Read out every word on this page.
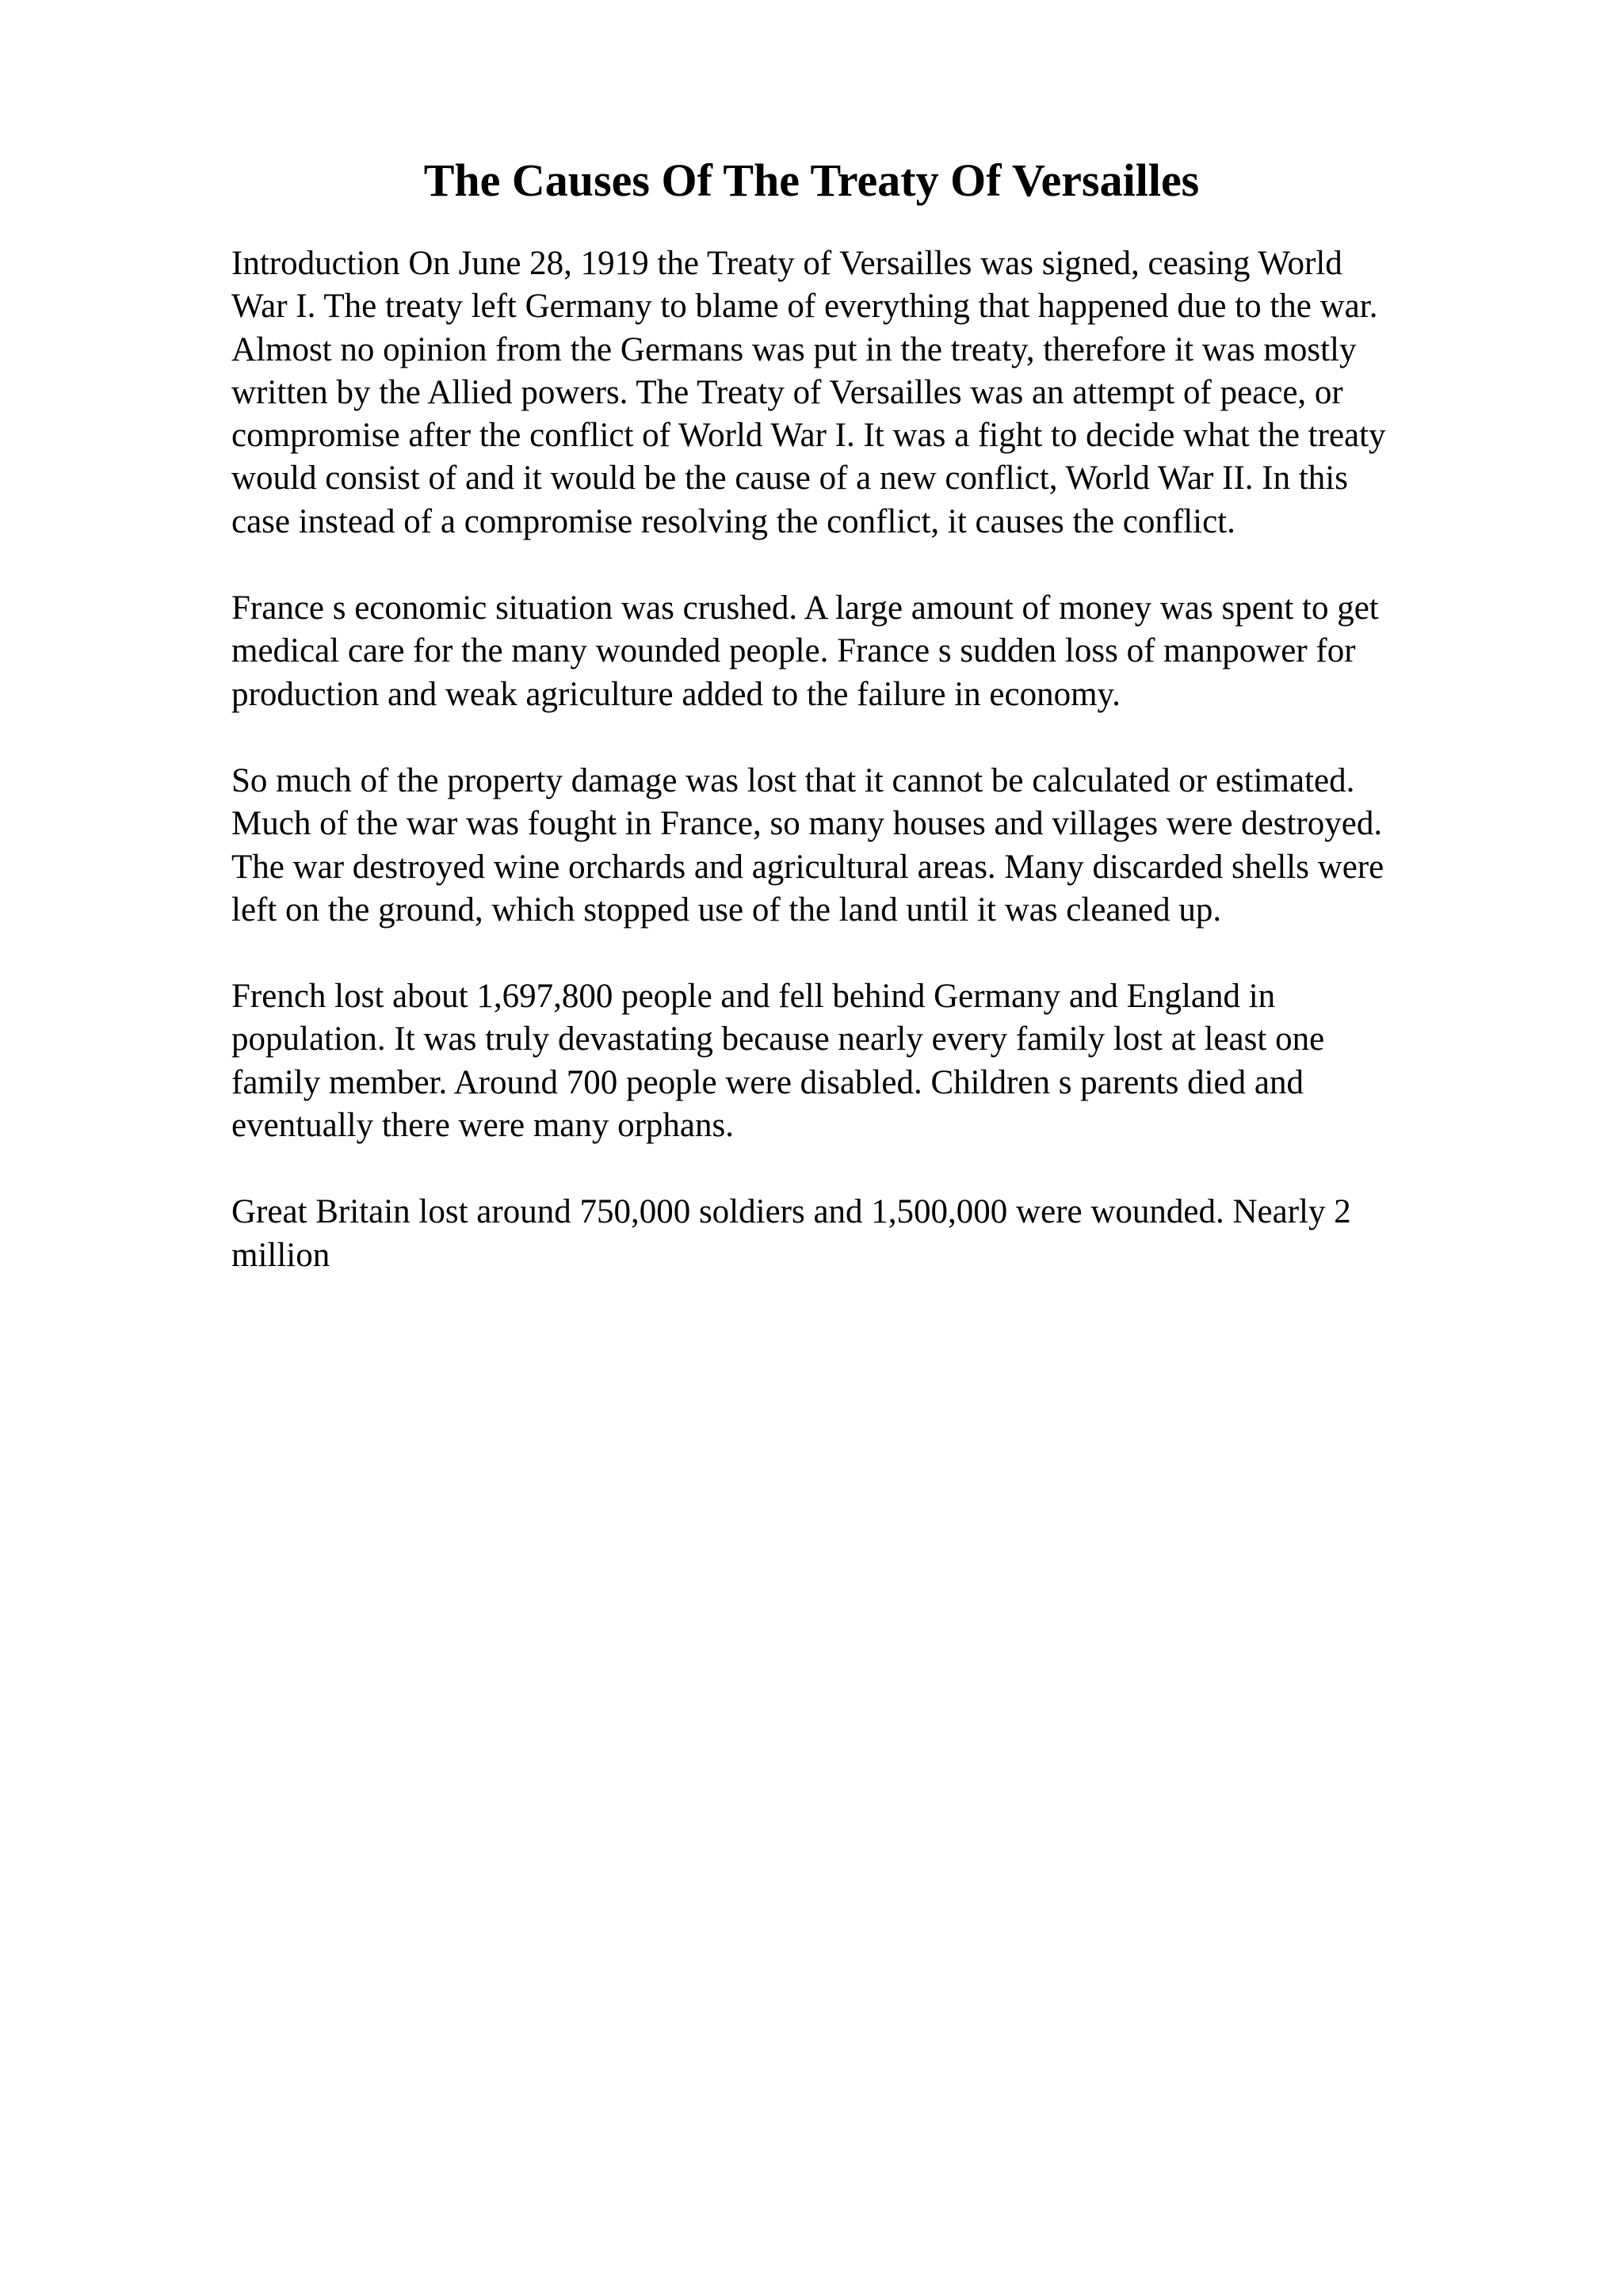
The Causes Of The Treaty Of Versailles

Introduction On June 28, 1919 the Treaty of Versailles was signed, ceasing World
War I. The treaty left Germany to blame of everything that happened due to the war.
Almost no opinion from the Germans was put in the treaty, therefore it was mostly
written by the Allied powers. The Treaty of Versailles was an attempt of peace, or
compromise after the conflict of World War I. It was a fight to decide what the treaty
would consist of and it would be the cause of a new conflict, World War II. In this
case instead of a compromise resolving the conflict, it causes the conflict.

France s economic situation was crushed. A large amount of money was spent to get
medical care for the many wounded people. France s sudden loss of manpower for
production and weak agriculture added to the failure in economy.

So much of the property damage was lost that it cannot be calculated or estimated.
Much of the war was fought in France, so many houses and villages were destroyed.
The war destroyed wine orchards and agricultural areas. Many discarded shells were
left on the ground, which stopped use of the land until it was cleaned up.

French lost about 1,697,800 people and fell behind Germany and England in
population. It was truly devastating because nearly every family lost at least one
family member. Around 700 people were disabled. Children s parents died and
eventually there were many orphans.

Great Britain lost around 750,000 soldiers and 1,500,000 were wounded. Nearly 2
million
